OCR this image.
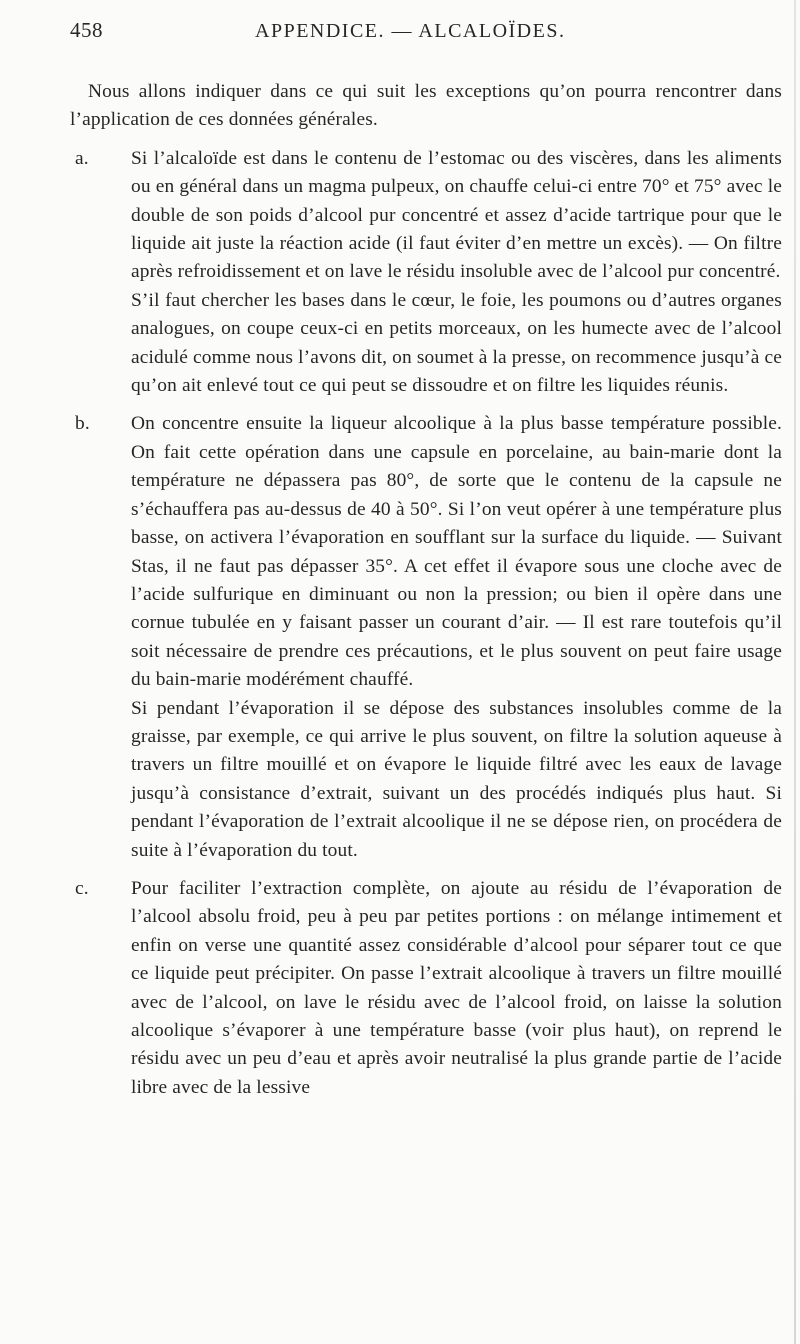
458	APPENDICE. — ALCALOÏDES.

Nous allons indiquer dans ce qui suit les exceptions qu’on pourra rencontrer dans l’application de ces données générales.

a. Si l’alcaloïde est dans le contenu de l’estomac ou des viscères, dans les aliments ou en général dans un magma pulpeux, on chauffe celui-ci entre 70° et 75° avec le double de son poids d’alcool pur concentré et assez d’acide tartrique pour que le liquide ait juste la réaction acide (il faut éviter d’en mettre un excès). — On filtre après refroidissement et on lave le résidu insoluble avec de l’alcool pur concentré.

S’il faut chercher les bases dans le cœur, le foie, les poumons ou d’autres organes analogues, on coupe ceux-ci en petits morceaux, on les humecte avec de l’alcool acidulé comme nous l’avons dit, on soumet à la presse, on recommence jusqu’à ce qu’on ait enlevé tout ce qui peut se dissoudre et on filtre les liquides réunis.

b. On concentre ensuite la liqueur alcoolique à la plus basse température possible. On fait cette opération dans une capsule en porcelaine, au bain-marie dont la température ne dépassera pas 80°, de sorte que le contenu de la capsule ne s’échauffera pas au-dessus de 40 à 50°. Si l’on veut opérer à une température plus basse, on activera l’évaporation en soufflant sur la surface du liquide. — Suivant Stas, il ne faut pas dépasser 35°. A cet effet il évapore sous une cloche avec de l’acide sulfurique en diminuant ou non la pression; ou bien il opère dans une cornue tubulée en y faisant passer un courant d’air. — Il est rare toutefois qu’il soit nécessaire de prendre ces précautions, et le plus souvent on peut faire usage du bain-marie modérément chauffé.

Si pendant l’évaporation il se dépose des substances insolubles comme de la graisse, par exemple, ce qui arrive le plus souvent, on filtre la solution aqueuse à travers un filtre mouillé et on évapore le liquide filtré avec les eaux de lavage jusqu’à consistance d’extrait, suivant un des procédés indiqués plus haut. Si pendant l’évaporation de l’extrait alcoolique il ne se dépose rien, on procédera de suite à l’évaporation du tout.

c. Pour faciliter l’extraction complète, on ajoute au résidu de l’évaporation de l’alcool absolu froid, peu à peu par petites portions : on mélange intimement et enfin on verse une quantité assez considérable d’alcool pour séparer tout ce que ce liquide peut précipiter. On passe l’extrait alcoolique à travers un filtre mouillé avec de l’alcool, on lave le résidu avec de l’alcool froid, on laisse la solution alcoolique s’évaporer à une température basse (voir plus haut), on reprend le résidu avec un peu d’eau et après avoir neutralisé la plus grande partie de l’acide libre avec de la lessive
